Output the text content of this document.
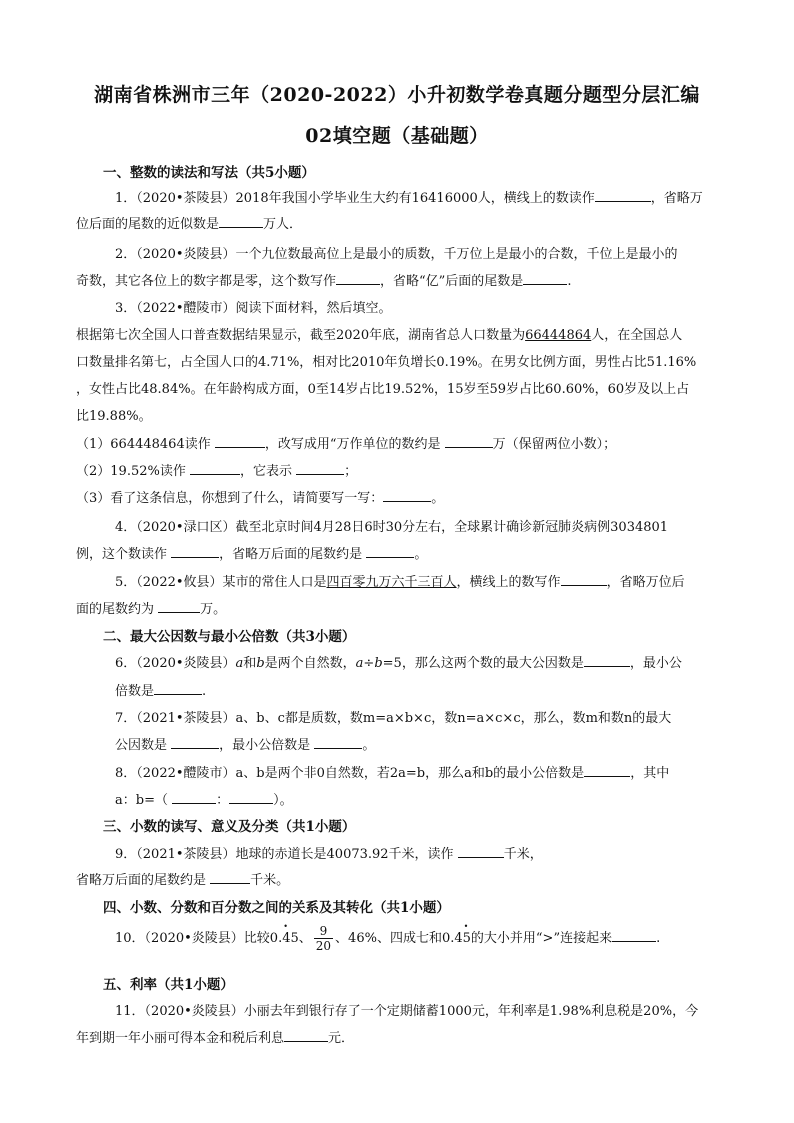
湖南省株洲市三年（2020-2022）小升初数学卷真题分题型分层汇编
02填空题（基础题）
一、整数的读法和写法（共5小题）
1．（2020•茶陵县）2018年我国小学毕业生大约有16416000人，横线上的数读作	，省略万
位后面的尾数的近似数是	万人．
2．（2020•炎陵县）一个九位数最高位上是最小的质数，千万位上是最小的合数，千位上是最小的
奇数，其它各位上的数字都是零，这个数写作	，省略“亿”后面的尾数是	.
3．（2022•醴陵市）阅读下面材料，然后填空。
根据第七次全国人口普查数据结果显示，截至2020年底，湖南省总人口数量为66444864人，在全国总人
口数量排名第七，占全国人口的4.71%，相对比2010年负增长0.19%。在男女比例方面，男性占比51.16%
，女性占比48.84%。在年龄构成方面，0至14岁占比19.52%，15岁至59岁占比60.60%，60岁及以上占
比19.88%。
（1）664448464读作	，改写成用“万作单位的数约是	万（保留两位小数）；
（2）19.52%读作	，它表示	；
（3）看了这条信息，你想到了什么，请简要写一写：	。
4．（2020•渌口区）截至北京时间4月28日6时30分左右，全球累计确诊新冠肺炎病例3034801
例，这个数读作	，省略万后面的尾数约是	。
5．（2022•攸县）某市的常住人口是四百零九万六千三百人，横线上的数写作	，省略万位后
面的尾数约为	万。
二、最大公因数与最小公倍数（共3小题）
6．（2020•炎陵县）a和b是两个自然数，a÷b=5，那么这两个数的最大公因数是	，最小公
倍数是	.
7．（2021•茶陵县）a、b、c都是质数，数m=a×b×c，数n=a×c×c，那么，数m和数n的最大
公因数是	，最小公倍数是	。
8．（2022•醴陵市）a、b是两个非0自然数，若2a=b，那么a和b的最小公倍数是	，其中
a：b=（	：	）。
三、小数的读写、意义及分类（共1小题）
9．（2021•茶陵县）地球的赤道长是40073.92千米，读作	千米，
省略万后面的尾数约是	千米。
四、小数、分数和百分数之间的关系及其转化（共1小题）
10．（2020•炎陵县）比较0.• 45、 $\frac{9}{20}$ 、46%、四成七和0.4• 5的大小并用“>”连接起来	.
五、利率（共1小题）
11．（2020•炎陵县）小丽去年到银行存了一个定期储蓄1000元，年利率是1.98%利息税是20%，今
年到期一年小丽可得本金和税后利息	元．
